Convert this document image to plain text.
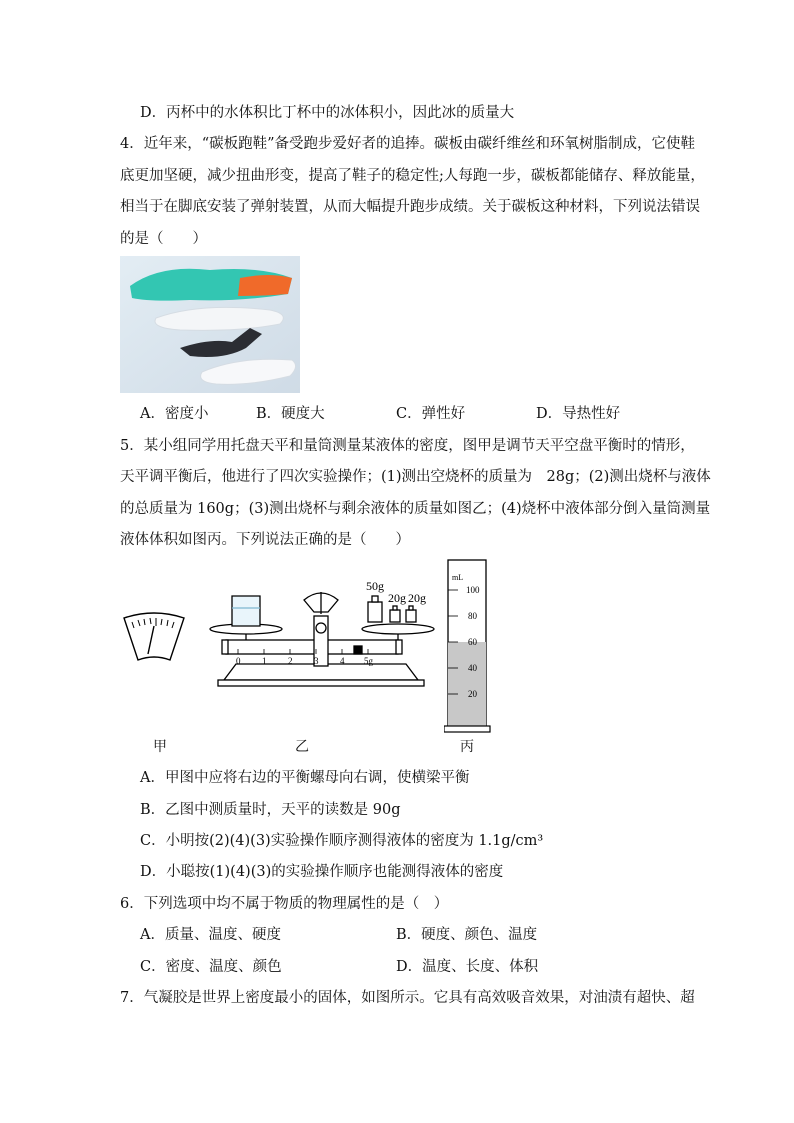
D．丙杯中的水体积比丁杯中的冰体积小，因此冰的质量大
4．近年来，“碳板跑鞋”备受跑步爱好者的追捧。碳板由碳纤维丝和环氧树脂制成，它使鞋
底更加坚硬，减少扭曲形变，提高了鞋子的稳定性;人每跑一步，碳板都能储存、释放能量，
相当于在脚底安装了弹射装置，从而大幅提升跑步成绩。关于碳板这种材料，下列说法错误
的是（　　）
A．密度小	B．硬度大	C．弹性好	D．导热性好
5．某小组同学用托盘天平和量筒测量某液体的密度，图甲是调节天平空盘平衡时的情形，
天平调平衡后，他进行了四次实验操作；(1)测出空烧杯的质量为　28g；(2)测出烧杯与液体
的总质量为 160g；(3)测出烧杯与剩余液体的质量如图乙；(4)烧杯中液体部分倒入量筒测量
液体体积如图丙。下列说法正确的是（　　）
50g
20g 20g
0 1 2 3 4 5g
mL
100
80
60
40
20
甲	乙	丙
A．甲图中应将右边的平衡螺母向右调，使横梁平衡
B．乙图中测质量时，天平的读数是 90g
C．小明按(2)(4)(3)实验操作顺序测得液体的密度为 1.1g/cm³
D．小聪按(1)(4)(3)的实验操作顺序也能测得液体的密度
6．下列选项中均不属于物质的物理属性的是（　）
A．质量、温度、硬度	B．硬度、颜色、温度
C．密度、温度、颜色	D．温度、长度、体积
7．气凝胶是世界上密度最小的固体，如图所示。它具有高效吸音效果，对油渍有超快、超
